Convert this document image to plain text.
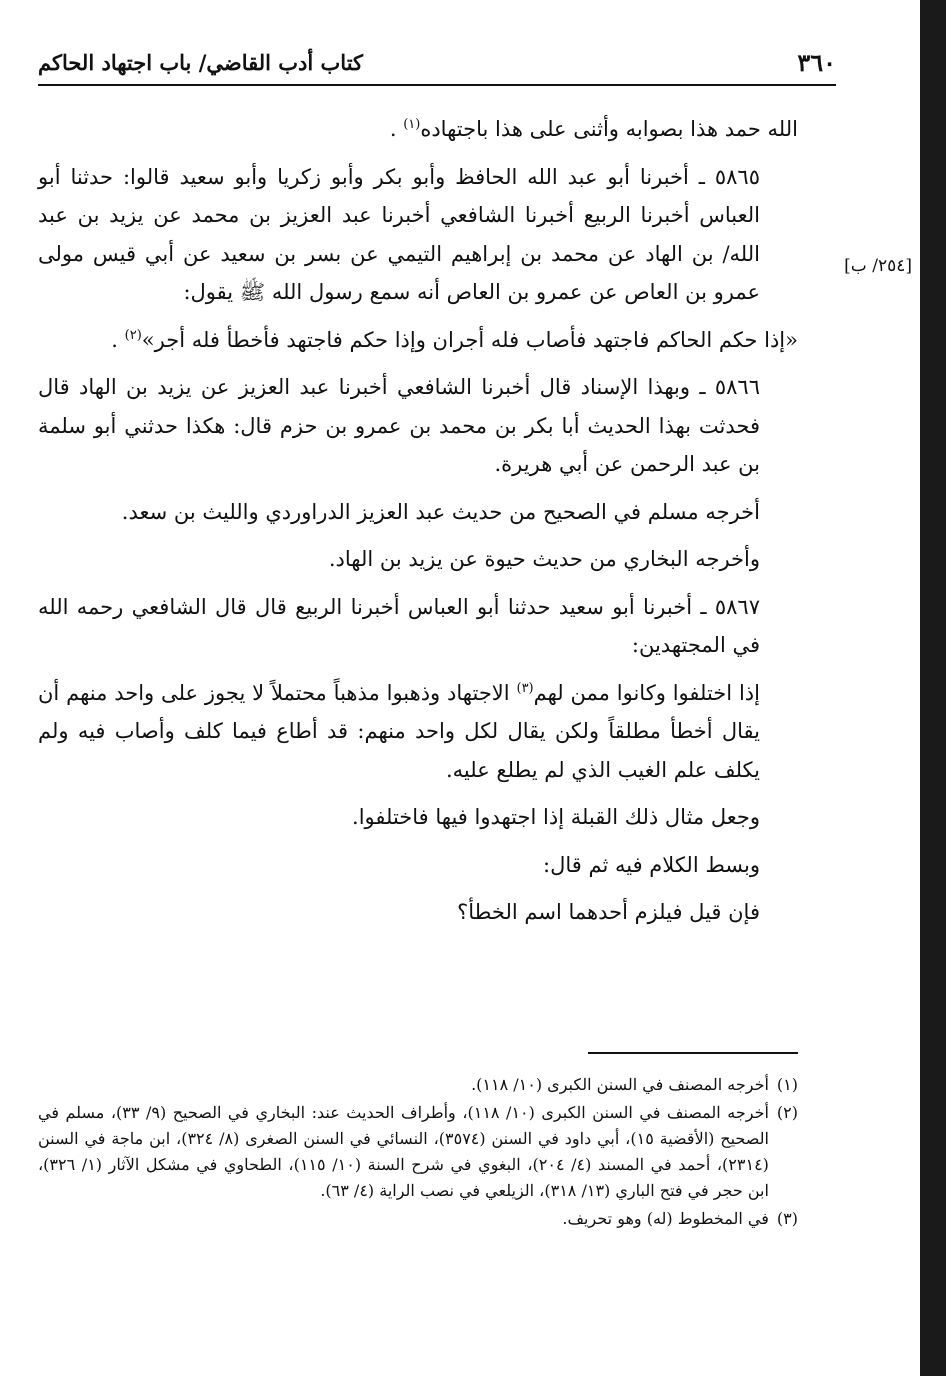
٣٦٠
كتاب أدب القاضي/ باب اجتهاد الحاكم
[٢٥٤/ ب]

الله حمد هذا بصوابه وأثنى على هذا باجتهاده$^{(١)}$ .

٥٨٦٥ ـ أخبرنا أبو عبد الله الحافظ وأبو بكر وأبو زكريا وأبو سعيد قالوا: حدثنا أبو العباس أخبرنا الربيع أخبرنا الشافعي أخبرنا عبد العزيز بن محمد عن يزيد بن عبد الله/ بن الهاد عن محمد بن إبراهيم التيمي عن بسر بن سعيد عن أبي قيس مولى عمرو بن العاص عن عمرو بن العاص أنه سمع رسول الله ﷺ يقول:

«إذا حكم الحاكم فاجتهد فأصاب فله أجران وإذا حكم فاجتهد فأخطأ فله أجر»$^{(٢)}$ .

٥٨٦٦ ـ وبهذا الإسناد قال أخبرنا الشافعي أخبرنا عبد العزيز عن يزيد بن الهاد قال فحدثت بهذا الحديث أبا بكر بن محمد بن عمرو بن حزم قال: هكذا حدثني أبو سلمة بن عبد الرحمن عن أبي هريرة.

أخرجه مسلم في الصحيح من حديث عبد العزيز الدراوردي والليث بن سعد.

وأخرجه البخاري من حديث حيوة عن يزيد بن الهاد.

٥٨٦٧ ـ أخبرنا أبو سعيد حدثنا أبو العباس أخبرنا الربيع قال قال الشافعي رحمه الله في المجتهدين:

إذا اختلفوا وكانوا ممن لهم$^{(٣)}$ الاجتهاد وذهبوا مذهباً محتملاً لا يجوز على واحد منهم أن يقال أخطأ مطلقاً ولكن يقال لكل واحد منهم: قد أطاع فيما كلف وأصاب فيه ولم يكلف علم الغيب الذي لم يطلع عليه.

وجعل مثال ذلك القبلة إذا اجتهدوا فيها فاختلفوا.

وبسط الكلام فيه ثم قال:

فإن قيل فيلزم أحدهما اسم الخطأ؟

(١)
أخرجه المصنف في السنن الكبرى (١٠/ ١١٨).
(٢)
أخرجه المصنف في السنن الكبرى (١٠/ ١١٨)، وأطراف الحديث عند: البخاري في الصحيح (٩/ ٣٣)، مسلم في الصحيح (الأقضية ١٥)، أبي داود في السنن (٣٥٧٤)، النسائي في السنن الصغرى (٨/ ٣٢٤)، ابن ماجة في السنن (٢٣١٤)، أحمد في المسند (٤/ ٢٠٤)، البغوي في شرح السنة (١٠/ ١١٥)، الطحاوي في مشكل الآثار (١/ ٣٢٦)، ابن حجر في فتح الباري (١٣/ ٣١٨)، الزيلعي في نصب الراية (٤/ ٦٣).
(٣)
في المخطوط (له) وهو تحريف.
